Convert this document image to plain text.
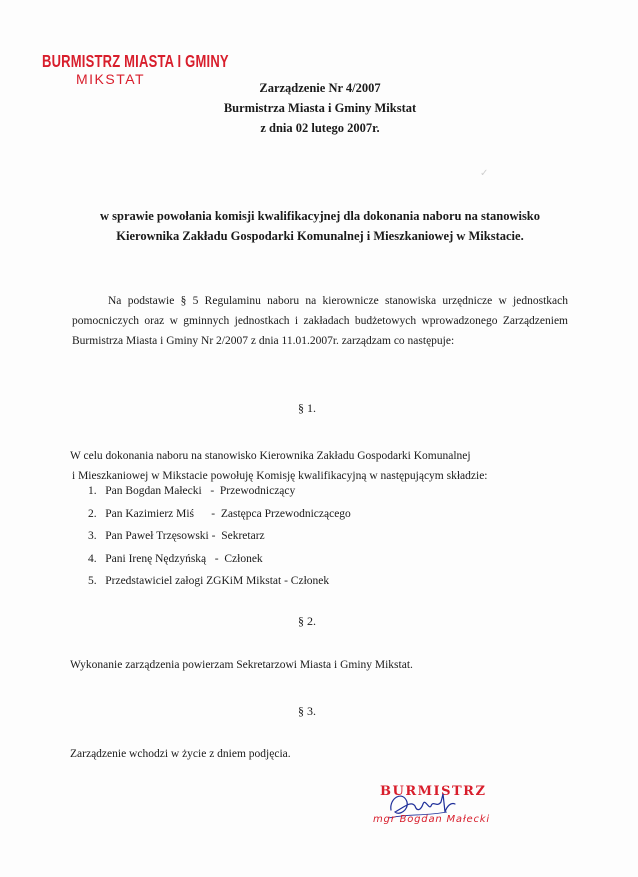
BURMISTRZ MIASTA I GMINY
MIKSTAT
Zarządzenie Nr 4/2007
Burmistrza Miasta i Gminy Mikstat
z dnia 02 lutego 2007r.
✓
w sprawie powołania komisji kwalifikacyjnej dla dokonania naboru na stanowisko
Kierownika Zakładu Gospodarki Komunalnej i Mieszkaniowej w Mikstacie.
Na podstawie § 5 Regulaminu naboru na kierownicze stanowiska urzędnicze w jednostkach pomocniczych oraz w gminnych jednostkach i zakładach budżetowych wprowadzonego Zarządzeniem Burmistrza Miasta i Gminy Nr 2/2007 z dnia 11.01.2007r. zarządzam co następuje:
§ 1.
W celu dokonania naboru na stanowisko Kierownika Zakładu Gospodarki Komunalnej
i Mieszkaniowej w Mikstacie powołuję Komisję kwalifikacyjną w następującym składzie:
1.   Pan Bogdan Małecki   -  Przewodniczący
2.   Pan Kazimierz Miś      -  Zastępca Przewodniczącego
3.   Pan Paweł Trzęsowski -  Sekretarz
4.   Pani Irenę Nędzyńską   -  Członek
5.   Przedstawiciel załogi ZGKiM Mikstat - Członek
§ 2.
Wykonanie zarządzenia powierzam Sekretarzowi Miasta i Gminy Mikstat.
§ 3.
Zarządzenie wchodzi w życie z dniem podjęcia.
BURMISTRZ
mgr Bogdan Małecki
